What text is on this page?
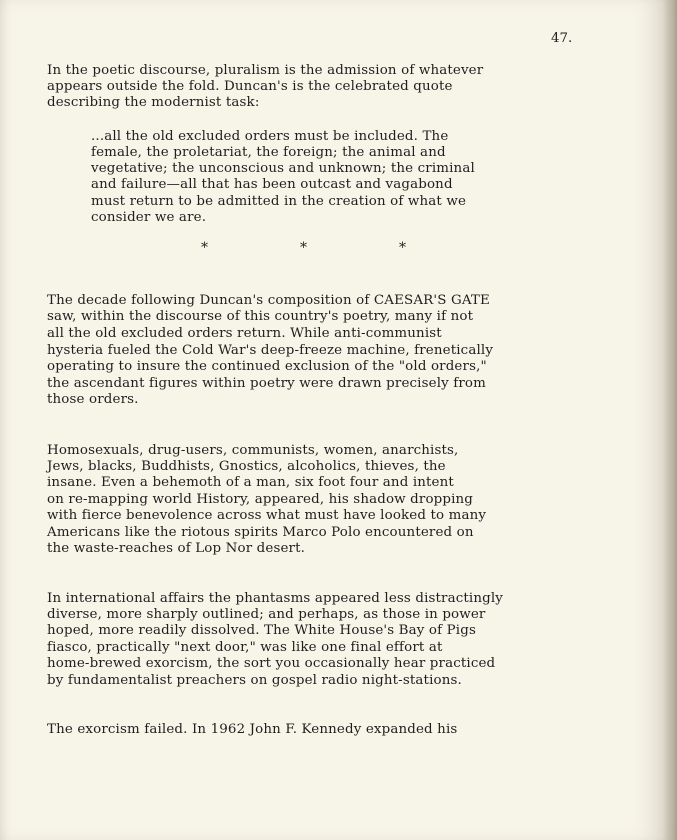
47.
In the poetic discourse, pluralism is the admission of whatever
appears outside the fold. Duncan's is the celebrated quote
describing the modernist task:
...all the old excluded orders must be included. The
female, the proletariat, the foreign; the animal and
vegetative; the unconscious and unknown; the criminal
and failure—all that has been outcast and vagabond
must return to be admitted in the creation of what we
consider we are.
*	*	*
The decade following Duncan's composition of CAESAR'S GATE
saw, within the discourse of this country's poetry, many if not
all the old excluded orders return. While anti-communist
hysteria fueled the Cold War's deep-freeze machine, frenetically
operating to insure the continued exclusion of the "old orders,"
the ascendant figures within poetry were drawn precisely from
those orders.
Homosexuals, drug-users, communists, women, anarchists,
Jews, blacks, Buddhists, Gnostics, alcoholics, thieves, the
insane. Even a behemoth of a man, six foot four and intent
on re-mapping world History, appeared, his shadow dropping
with fierce benevolence across what must have looked to many
Americans like the riotous spirits Marco Polo encountered on
the waste-reaches of Lop Nor desert.
In international affairs the phantasms appeared less distractingly
diverse, more sharply outlined; and perhaps, as those in power
hoped, more readily dissolved. The White House's Bay of Pigs
fiasco, practically "next door," was like one final effort at
home-brewed exorcism, the sort you occasionally hear practiced
by fundamentalist preachers on gospel radio night-stations.
The exorcism failed. In 1962 John F. Kennedy expanded his
